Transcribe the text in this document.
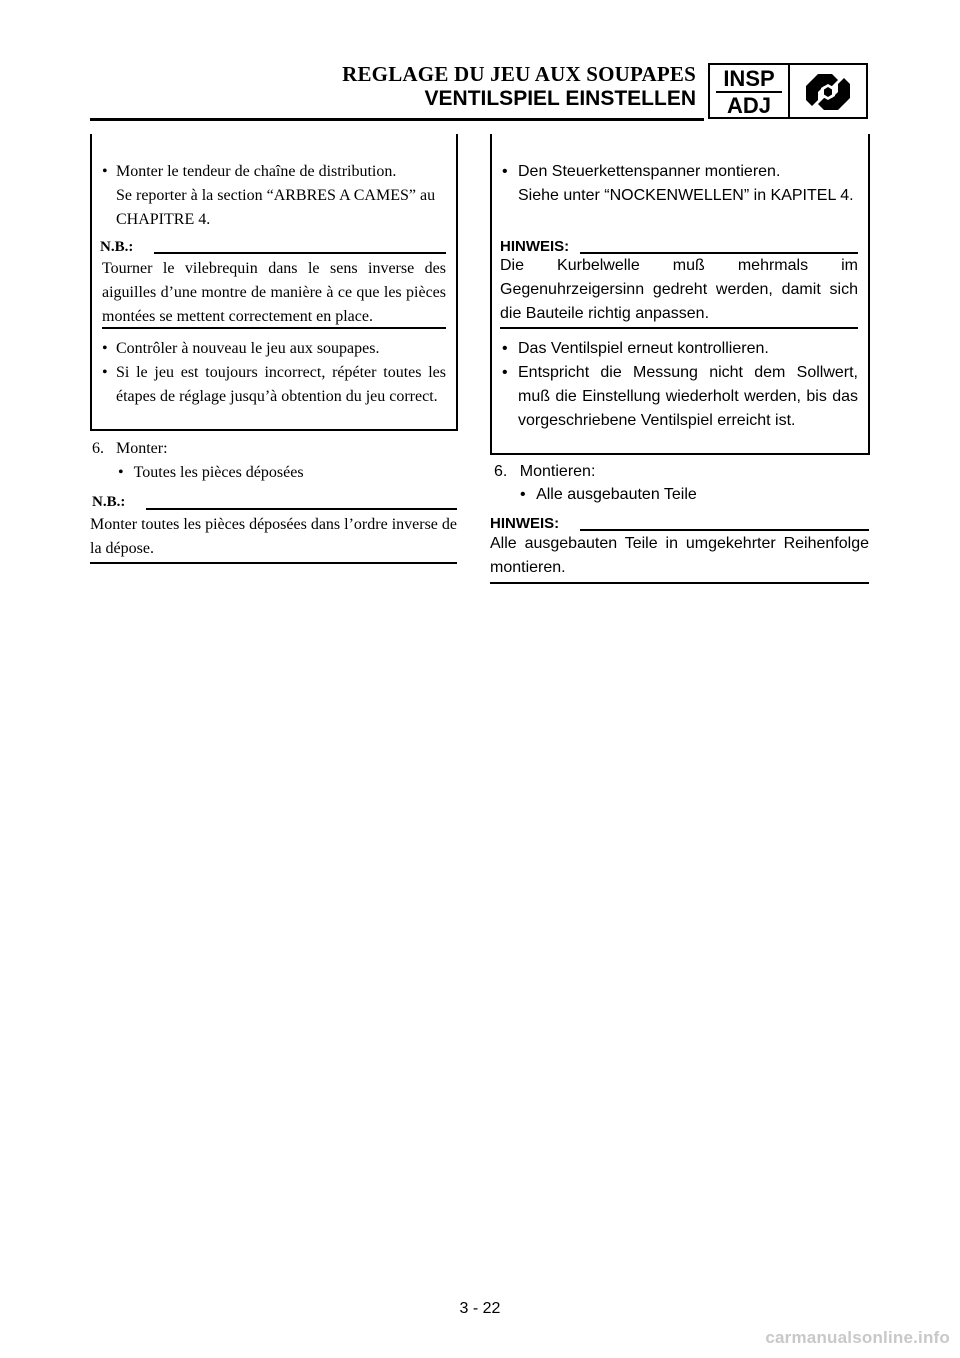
REGLAGE DU JEU AUX SOUPAPES
VENTILSPIEL EINSTELLEN
INSP
ADJ
• Monter le tendeur de chaîne de distribution.
Se reporter à la section “ARBRES A CAMES” au CHAPITRE 4.
N.B.:
Tourner le vilebrequin dans le sens inverse des aiguilles d’une montre de manière à ce que les pièces montées se mettent correctement en place.
• Contrôler à nouveau le jeu aux soupapes.
• Si le jeu est toujours incorrect, répéter toutes les étapes de réglage jusqu’à obtention du jeu correct.
6. Monter:
• Toutes les pièces déposées
N.B.:
Monter toutes les pièces déposées dans l’ordre inverse de la dépose.
• Den Steuerkettenspanner montieren.
Siehe unter “NOCKENWELLEN” in KAPITEL 4.
HINWEIS:
Die Kurbelwelle muß mehrmals im Gegenuhrzeigersinn gedreht werden, damit sich die Bauteile richtig anpassen.
• Das Ventilspiel erneut kontrollieren.
• Entspricht die Messung nicht dem Sollwert, muß die Einstellung wiederholt werden, bis das vorgeschriebene Ventilspiel erreicht ist.
6. Montieren:
• Alle ausgebauten Teile
HINWEIS:
Alle ausgebauten Teile in umgekehrter Reihenfolge montieren.
3 - 22
carmanualsonline.info
